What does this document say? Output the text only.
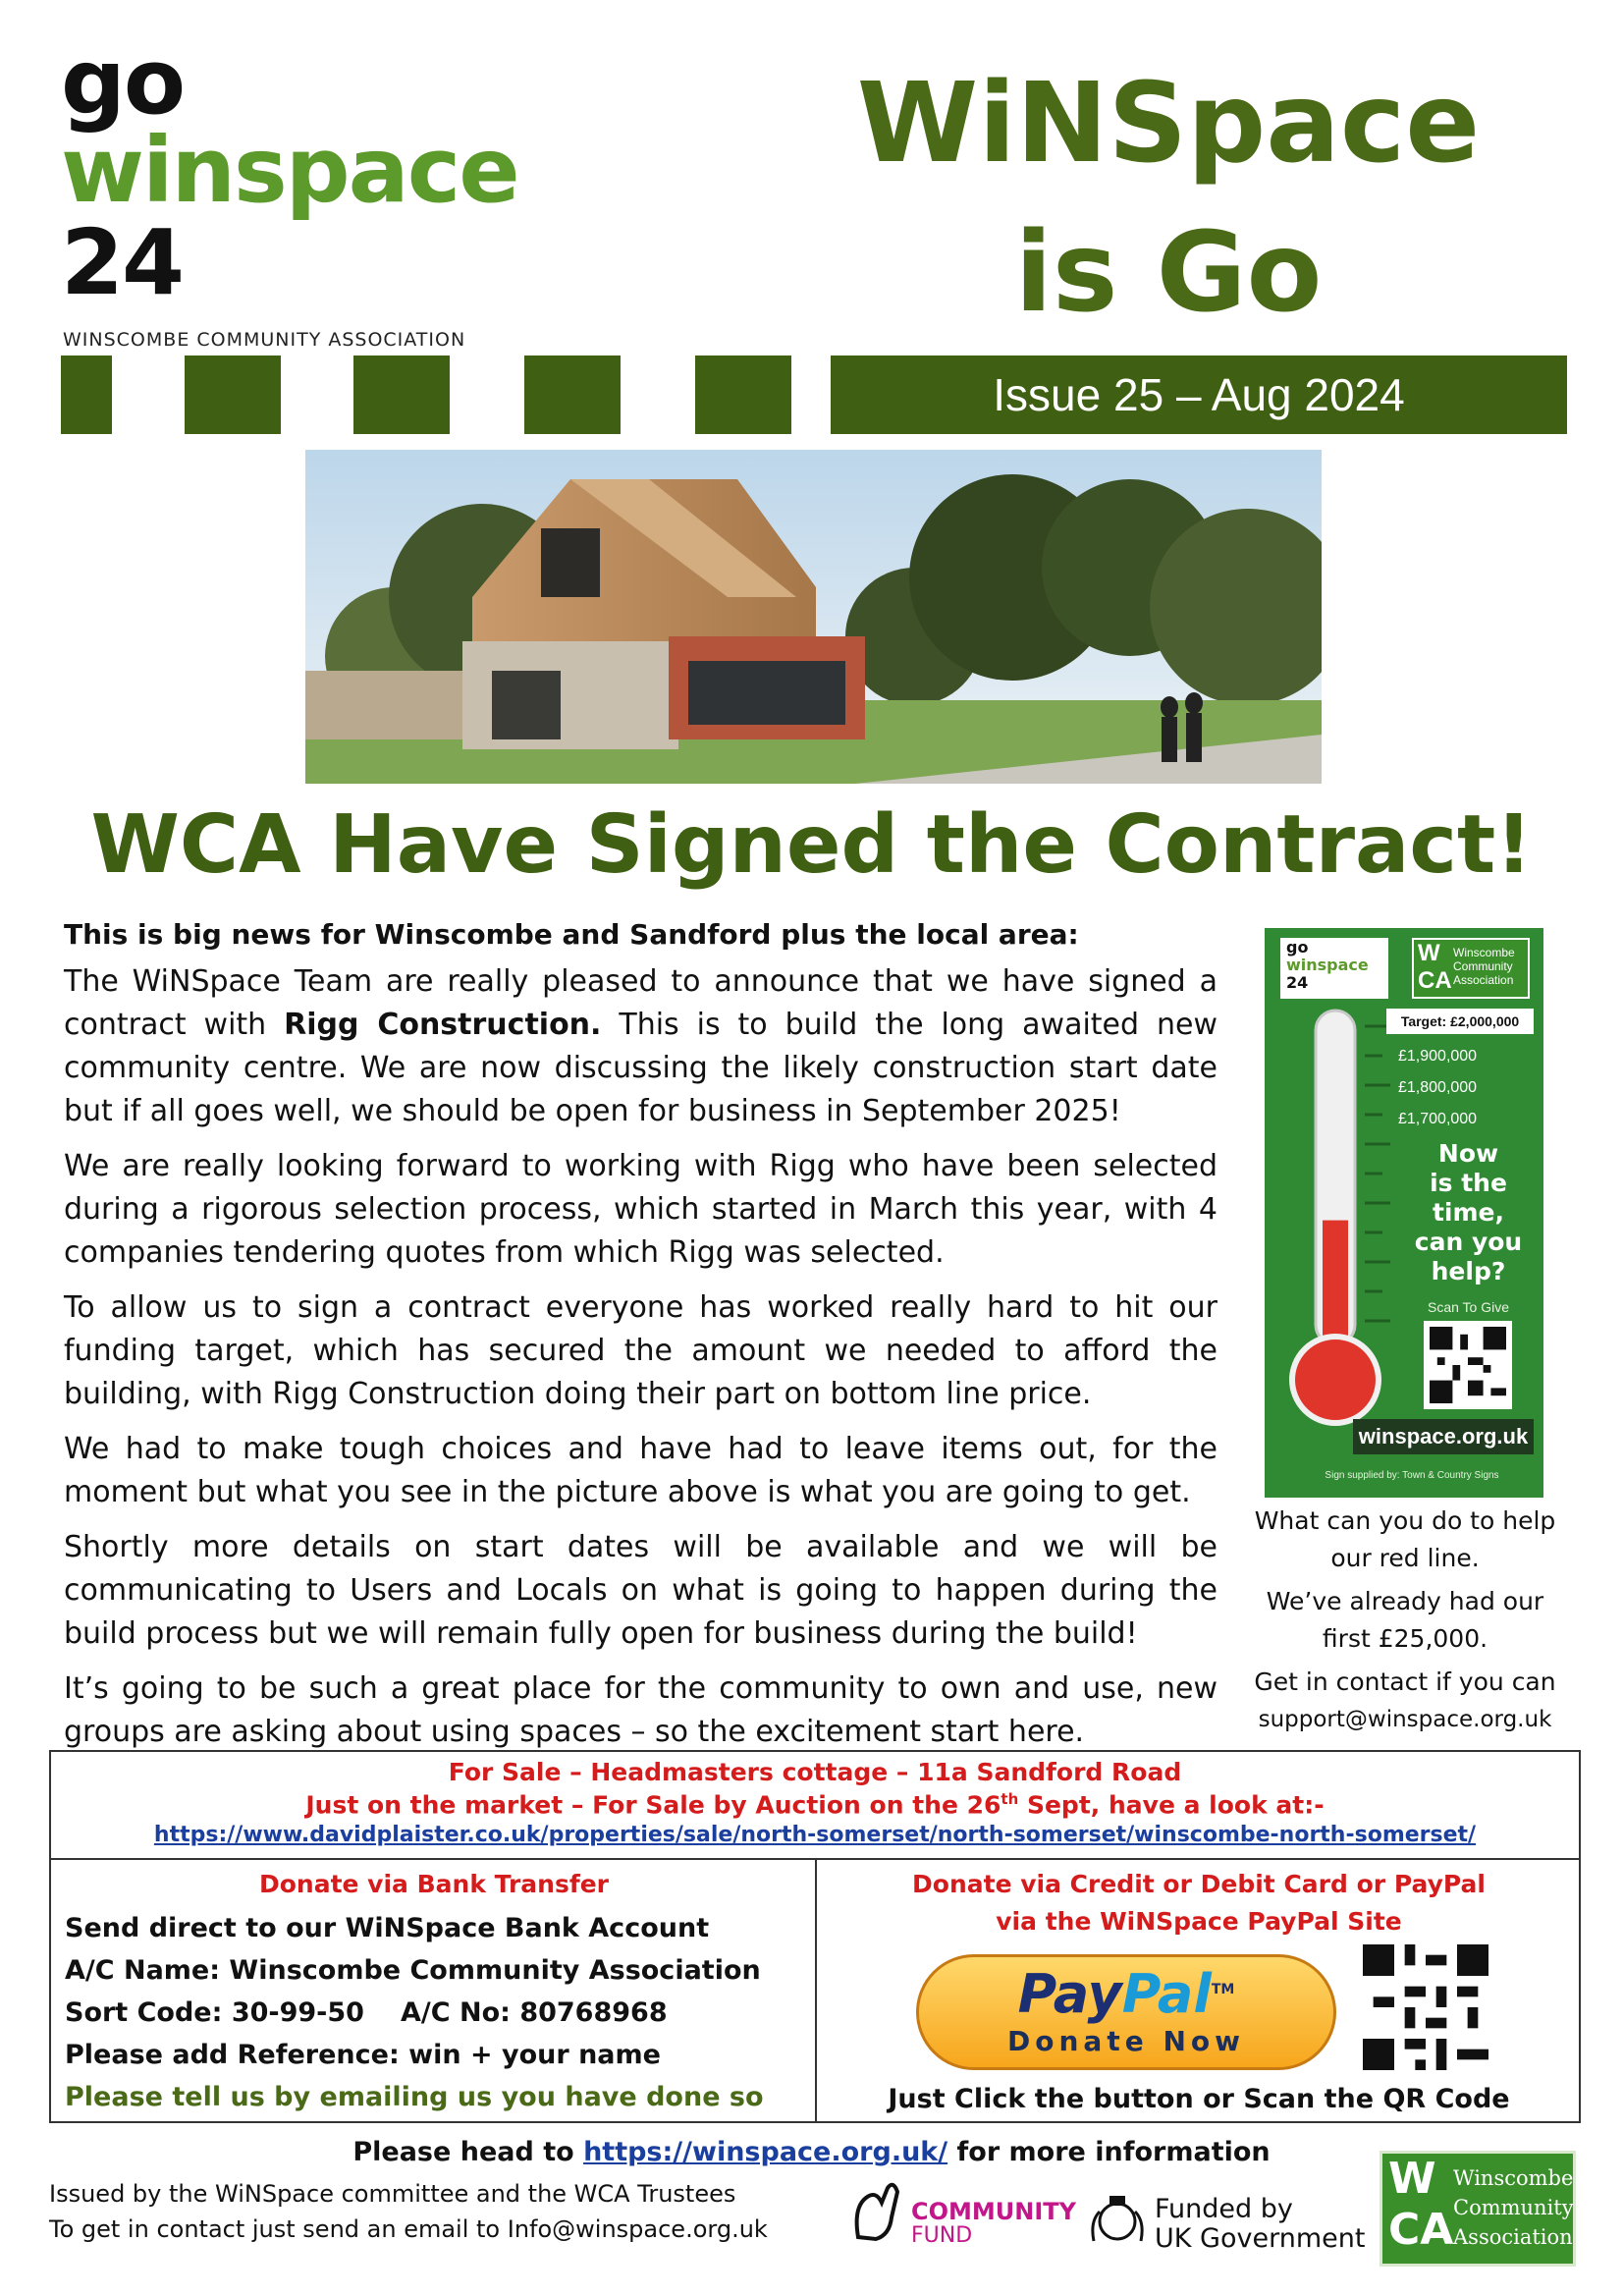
go
winspace
24
WINSCOMBE COMMUNITY ASSOCIATION
WiNSpace
is Go
Issue 25 – Aug 2024
WCA Have Signed the Contract!
This is big news for Winscombe and Sandford plus the local area:

The WiNSpace Team are really pleased to announce that we have signed a contract with Rigg Construction. This is to build the long awaited new community centre. We are now discussing the likely construction start date but if all goes well, we should be open for business in September 2025!

We are really looking forward to working with Rigg who have been selected during a rigorous selection process, which started in March this year, with 4 companies tendering quotes from which Rigg was selected.

To allow us to sign a contract everyone has worked really hard to hit our funding target, which has secured the amount we needed to afford the building, with Rigg Construction doing their part on bottom line price.

We had to make tough choices and have had to leave items out, for the moment but what you see in the picture above is what you are going to get.

Shortly more details on start dates will be available and we will be communicating to Users and Locals on what is going to happen during the build process but we will remain fully open for business during the build!

It’s going to be such a great place for the community to own and use, new groups are asking about using spaces – so the excitement start here.

go
winspace
24
W
CA
Winscombe Community Association
Target: £2,000,000
£1,900,000
£1,800,000
£1,700,000
Now
is the
time,
can you
help?
Scan To Give
winspace.org.uk
Sign supplied by: Town & Country Signs
What can you do to help
our red line.
We’ve already had our
first £25,000.
Get in contact if you can
support@winspace.org.uk
For Sale – Headmasters cottage – 11a Sandford Road
Just on the market – For Sale by Auction on the 26th Sept, have a look at:-
https://www.davidplaister.co.uk/properties/sale/north-somerset/north-somerset/winscombe-north-somerset/
Donate via Bank Transfer
Send direct to our WiNSpace Bank Account
A/C Name: Winscombe Community Association
Sort Code: 30-99-50 A/C No: 80768968
Please add Reference: win + your name
Please tell us by emailing us you have done so
Donate via Credit or Debit Card or PayPal
via the WiNSpace PayPal Site
Just Click the button or Scan the QR Code
PayPal™
Donate Now
Please head to https://winspace.org.uk/ for more information
Issued by the WiNSpace committee and the WCA Trustees
To get in contact just send an email to Info@winspace.org.uk
COMMUNITY
FUND
Funded by
UK Government
W
CA
Winscombe
Community
Association
